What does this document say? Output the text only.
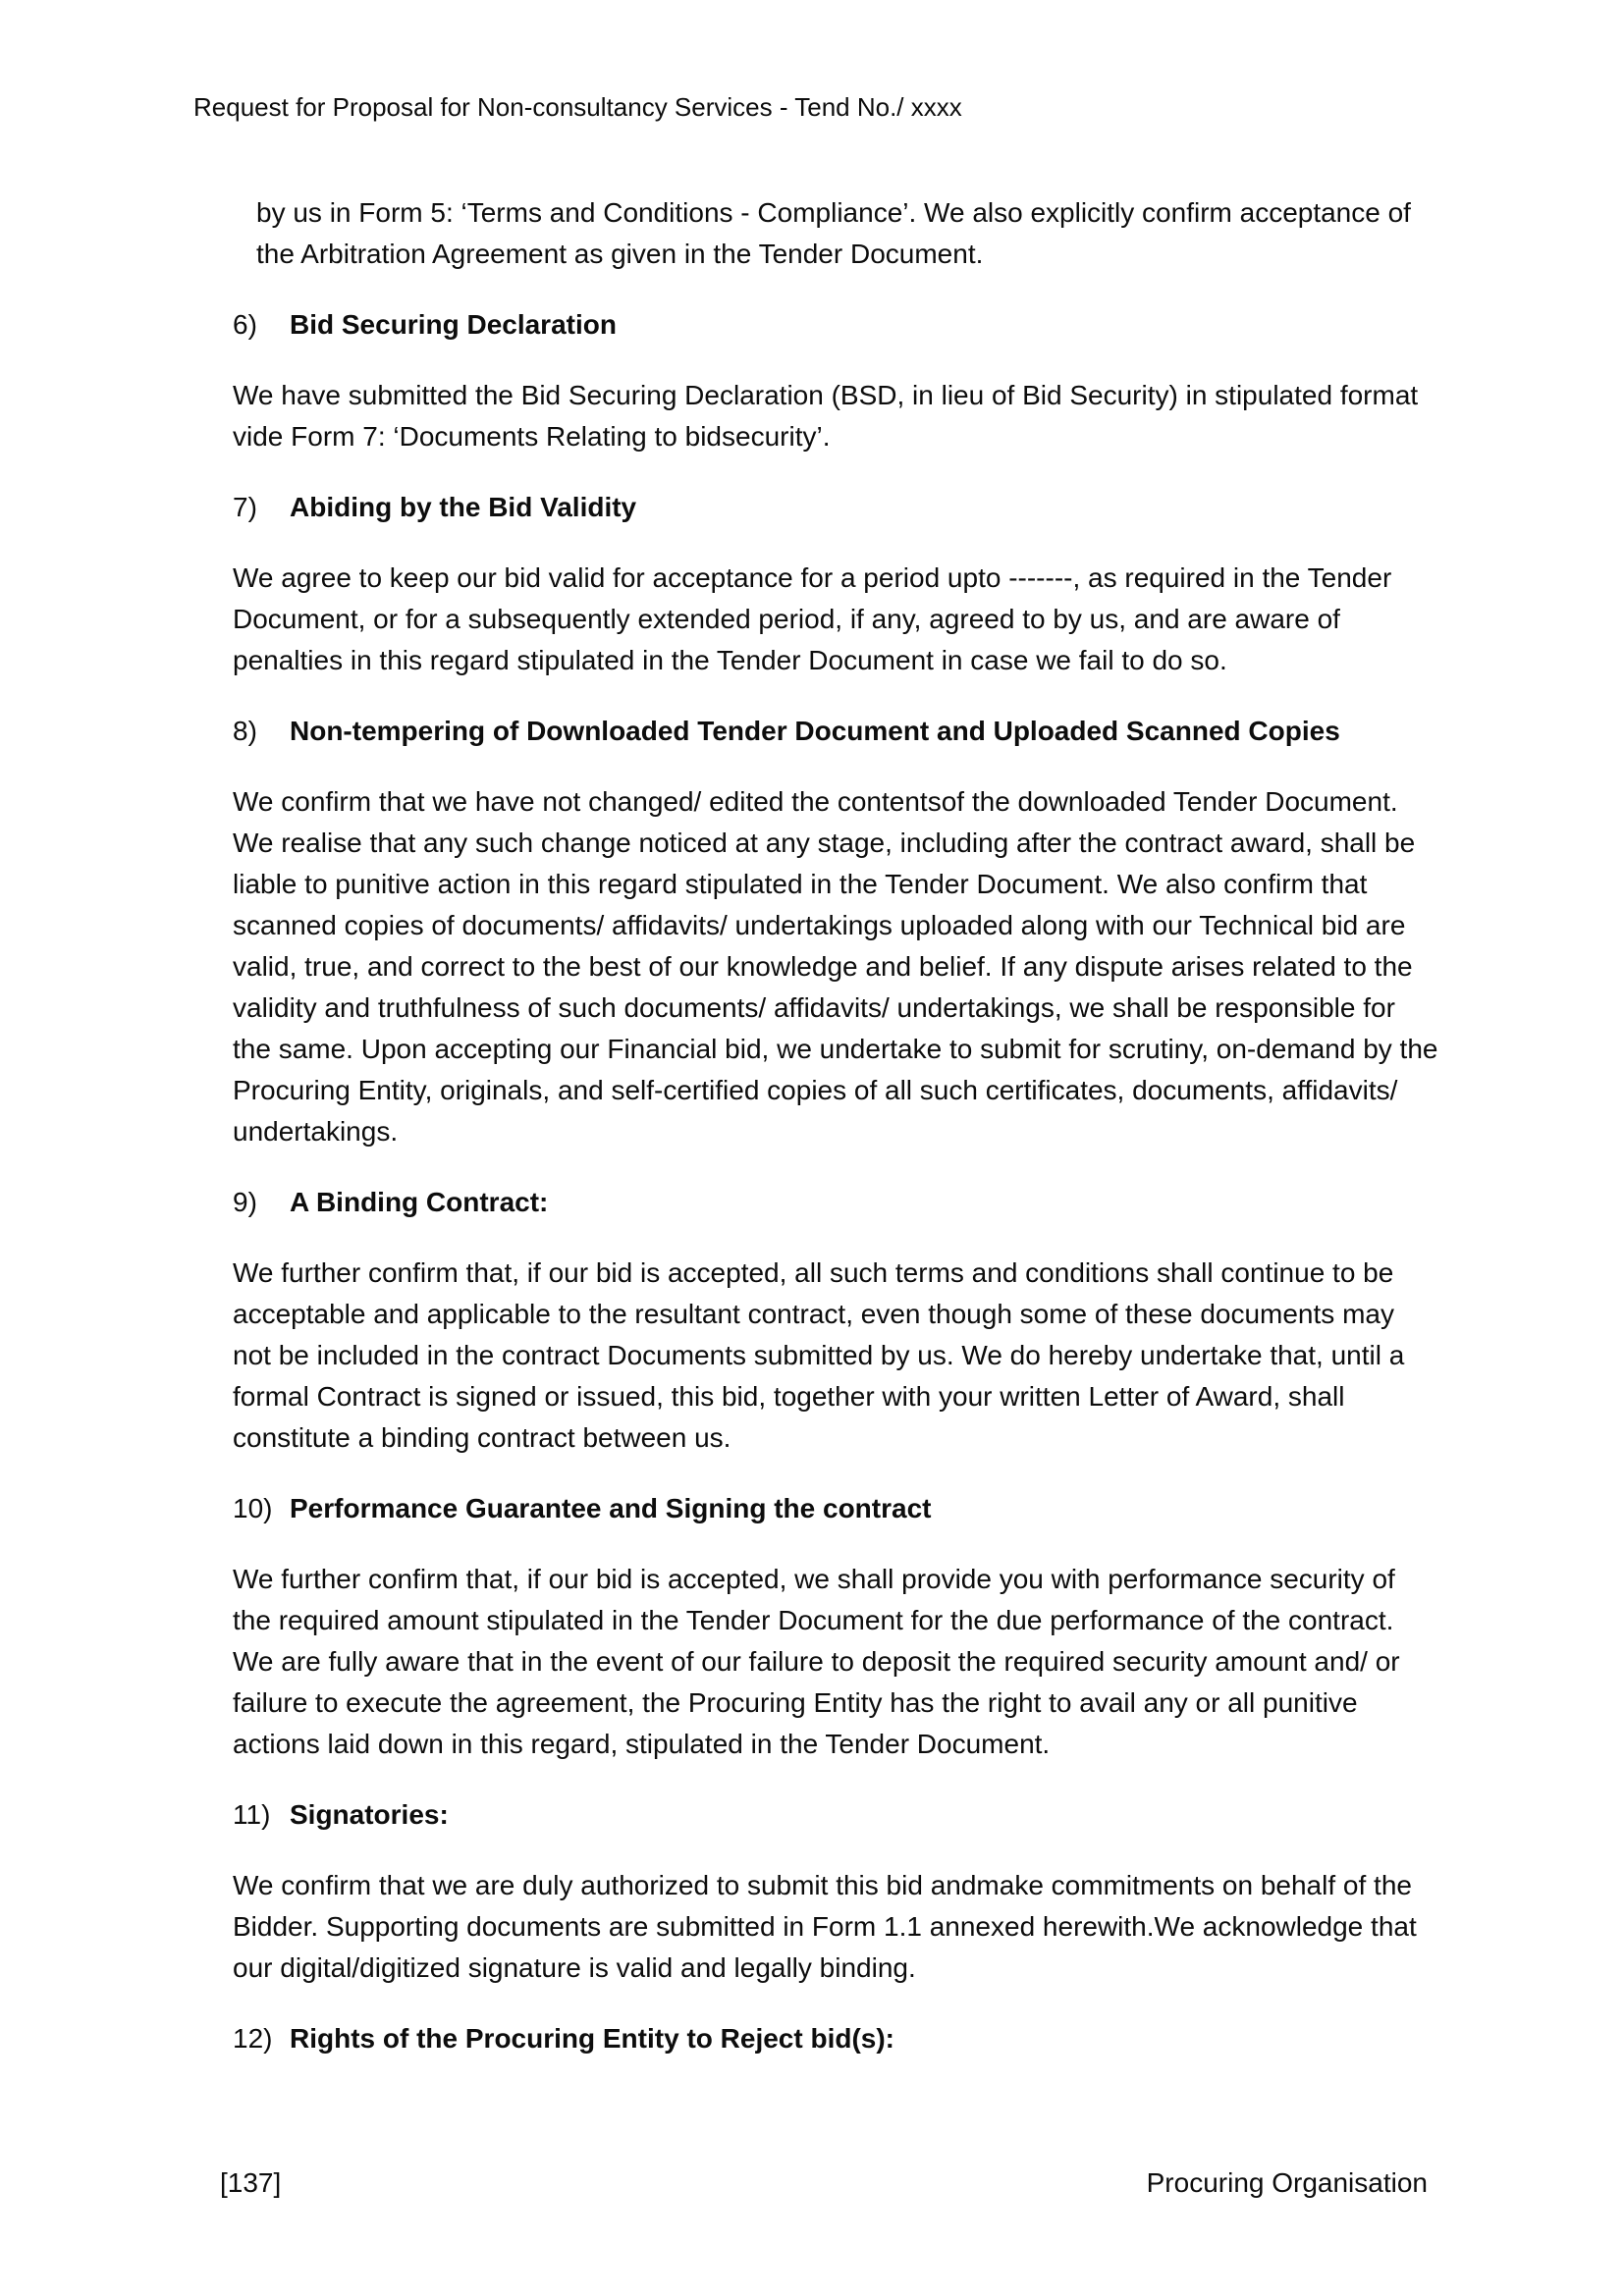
Request for Proposal for Non-consultancy Services - Tend No./ xxxx

by us in Form 5: ‘Terms and Conditions - Compliance’. We also explicitly confirm acceptance of the Arbitration Agreement as given in the Tender Document.

6)	Bid Securing Declaration

We have submitted the Bid Securing Declaration (BSD, in lieu of Bid Security) in stipulated format vide Form 7: ‘Documents Relating to bidsecurity’.

7)	Abiding by the Bid Validity

We agree to keep our bid valid for acceptance for a period upto -------, as required in the Tender Document, or for a subsequently extended period, if any, agreed to by us, and are aware of penalties in this regard stipulated in the Tender Document in case we fail to do so.

8)	Non-tempering of Downloaded Tender Document and Uploaded Scanned Copies

We confirm that we have not changed/ edited the contentsof the downloaded Tender Document. We realise that any such change noticed at any stage, including after the contract award, shall be liable to punitive action in this regard stipulated in the Tender Document. We also confirm that scanned copies of documents/ affidavits/ undertakings uploaded along with our Technical bid are valid, true, and correct to the best of our knowledge and belief. If any dispute arises related to the validity and truthfulness of such documents/ affidavits/ undertakings, we shall be responsible for the same. Upon accepting our Financial bid, we undertake to submit for scrutiny, on-demand by the Procuring Entity, originals, and self-certified copies of all such certificates, documents, affidavits/ undertakings.

9)	A Binding Contract:

We further confirm that, if our bid is accepted, all such terms and conditions shall continue to be acceptable and applicable to the resultant contract, even though some of these documents may not be included in the contract Documents submitted by us. We do hereby undertake that, until a formal Contract is signed or issued, this bid, together with your written Letter of Award, shall constitute a binding contract between us.

10) Performance Guarantee and Signing the contract

We further confirm that, if our bid is accepted, we shall provide you with performance security of the required amount stipulated in the Tender Document for the due performance of the contract. We are fully aware that in the event of our failure to deposit the required security amount and/ or failure to execute the agreement, the Procuring Entity has the right to avail any or all punitive actions laid down in this regard, stipulated in the Tender Document.

11) Signatories:

We confirm that we are duly authorized to submit this bid andmake commitments on behalf of the Bidder. Supporting documents are submitted in Form 1.1 annexed herewith.We acknowledge that our digital/digitized signature is valid and legally binding.

12) Rights of the Procuring Entity to Reject bid(s):
[137]	Procuring Organisation
